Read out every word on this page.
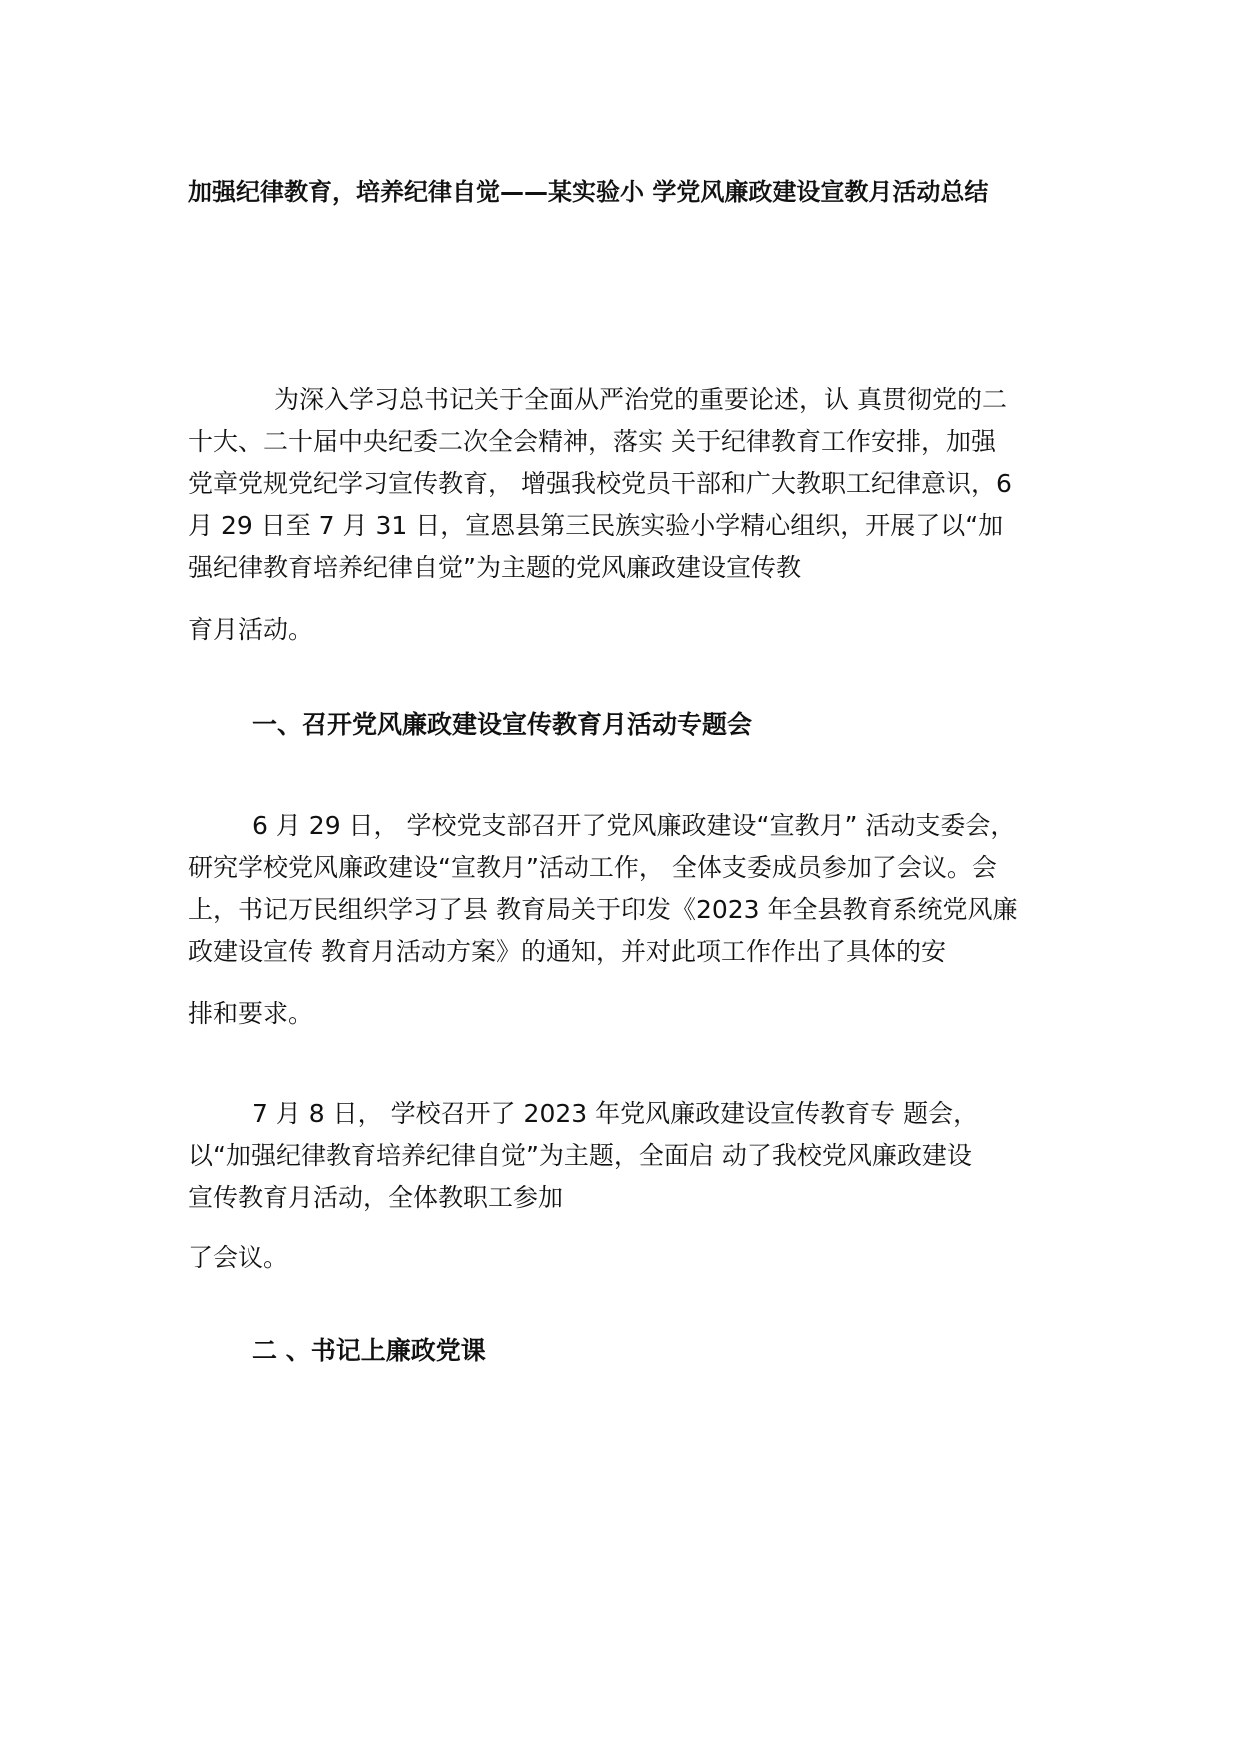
加强纪律教育，培养纪律自觉——某实验小 学党风廉政建设宣教月活动总结
为深入学习总书记关于全面从严治党的重要论述，认 真贯彻党的二
十大、二十届中央纪委二次全会精神，落实 关于纪律教育工作安排，加强
党章党规党纪学习宣传教育， 增强我校党员干部和广大教职工纪律意识，6
月 29 日至 7 月 31 日，宣恩县第三民族实验小学精心组织，开展了以“加
强纪律教育培养纪律自觉”为主题的党风廉政建设宣传教
育月活动。
一、召开党风廉政建设宣传教育月活动专题会
6 月 29 日， 学校党支部召开了党风廉政建设“宣教月” 活动支委会，
研究学校党风廉政建设“宣教月”活动工作， 全体支委成员参加了会议。会
上，书记万民组织学习了县 教育局关于印发《2023 年全县教育系统党风廉
政建设宣传 教育月活动方案》的通知，并对此项工作作出了具体的安
排和要求。
7 月 8 日， 学校召开了 2023 年党风廉政建设宣传教育专 题会，
以“加强纪律教育培养纪律自觉”为主题，全面启 动了我校党风廉政建设
宣传教育月活动，全体教职工参加
了会议。
二 、书记上廉政党课
